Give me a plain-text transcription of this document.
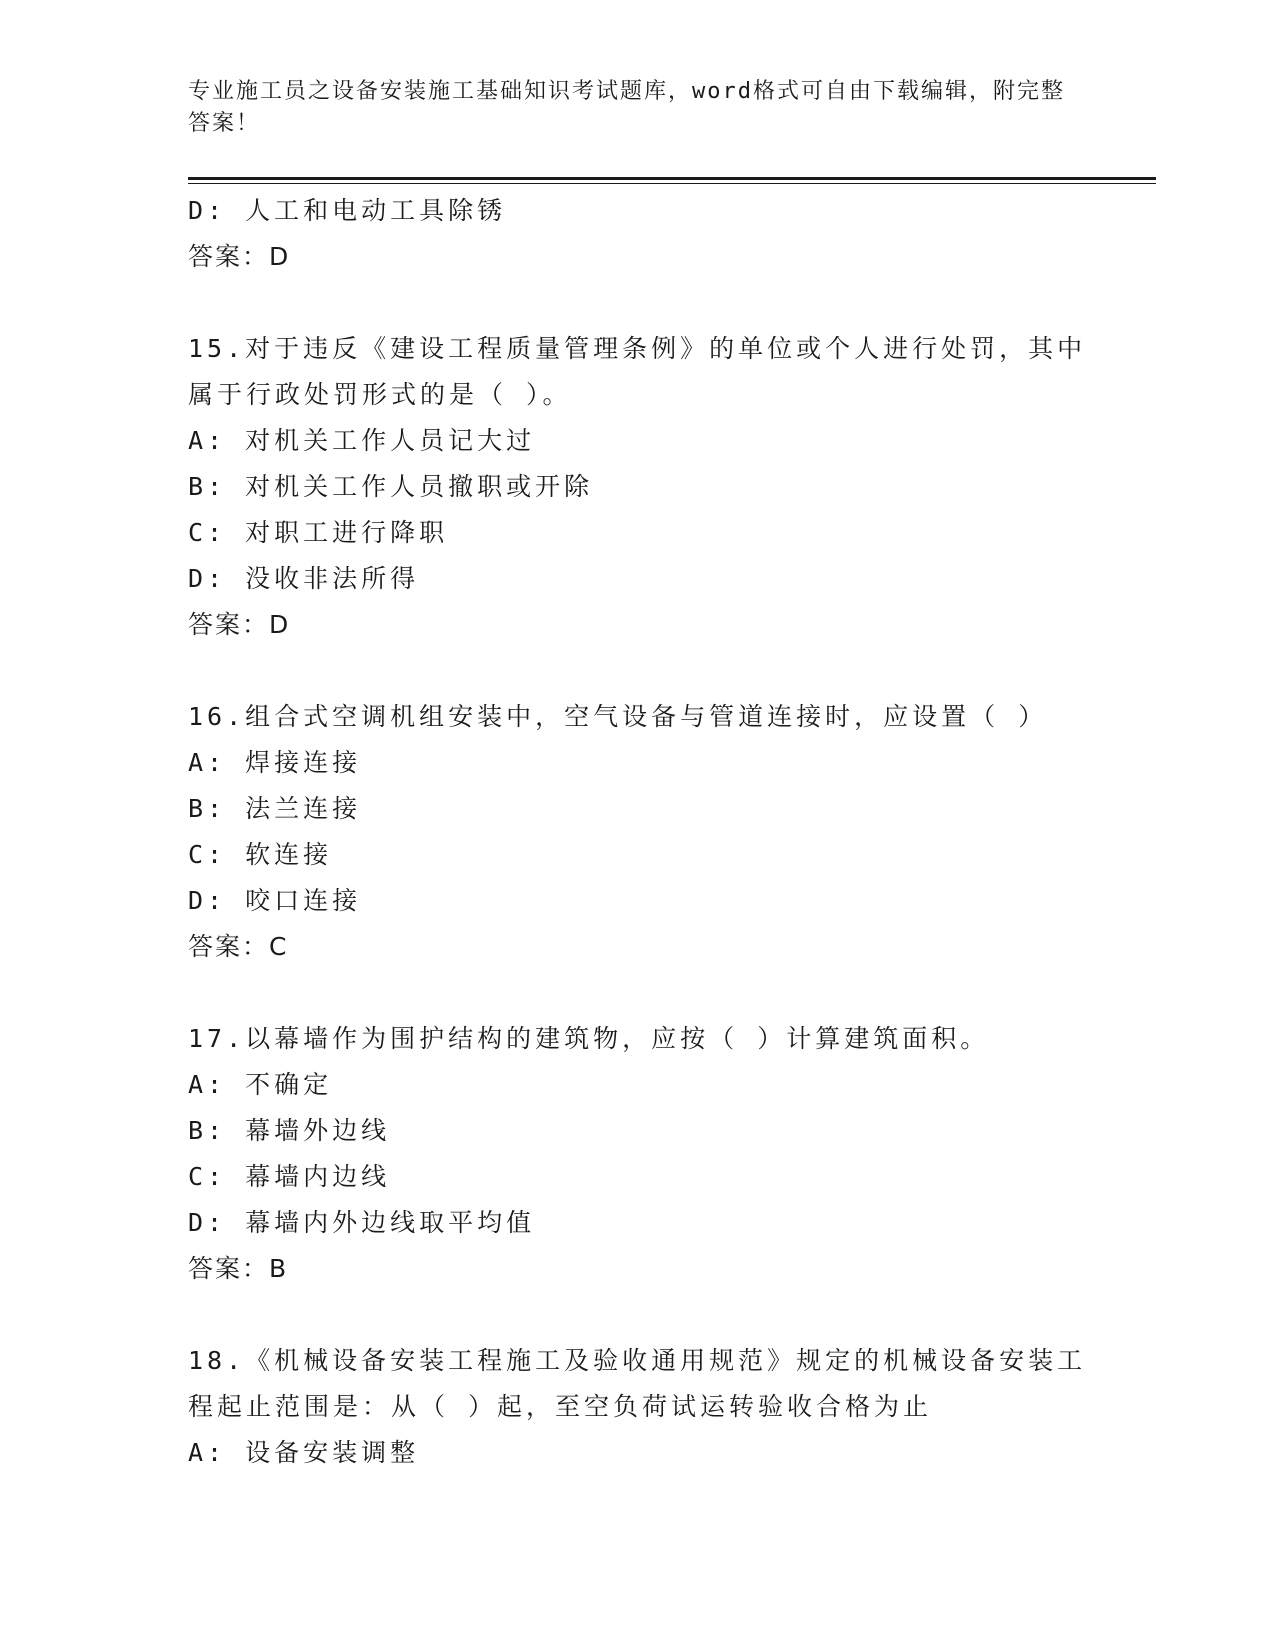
专业施工员之设备安装施工基础知识考试题库，word格式可自由下载编辑，附完整答案！
D: 人工和电动工具除锈
答案：D
15.对于违反《建设工程质量管理条例》的单位或个人进行处罚，其中属于行政处罚形式的是（ ）。
A: 对机关工作人员记大过
B: 对机关工作人员撤职或开除
C: 对职工进行降职
D: 没收非法所得
答案：D
16.组合式空调机组安装中，空气设备与管道连接时，应设置（ ）
A: 焊接连接
B: 法兰连接
C: 软连接
D: 咬口连接
答案：C
17.以幕墙作为围护结构的建筑物，应按（ ）计算建筑面积。
A: 不确定
B: 幕墙外边线
C: 幕墙内边线
D: 幕墙内外边线取平均值
答案：B
18.《机械设备安装工程施工及验收通用规范》规定的机械设备安装工程起止范围是：从（ ）起，至空负荷试运转验收合格为止
A: 设备安装调整
